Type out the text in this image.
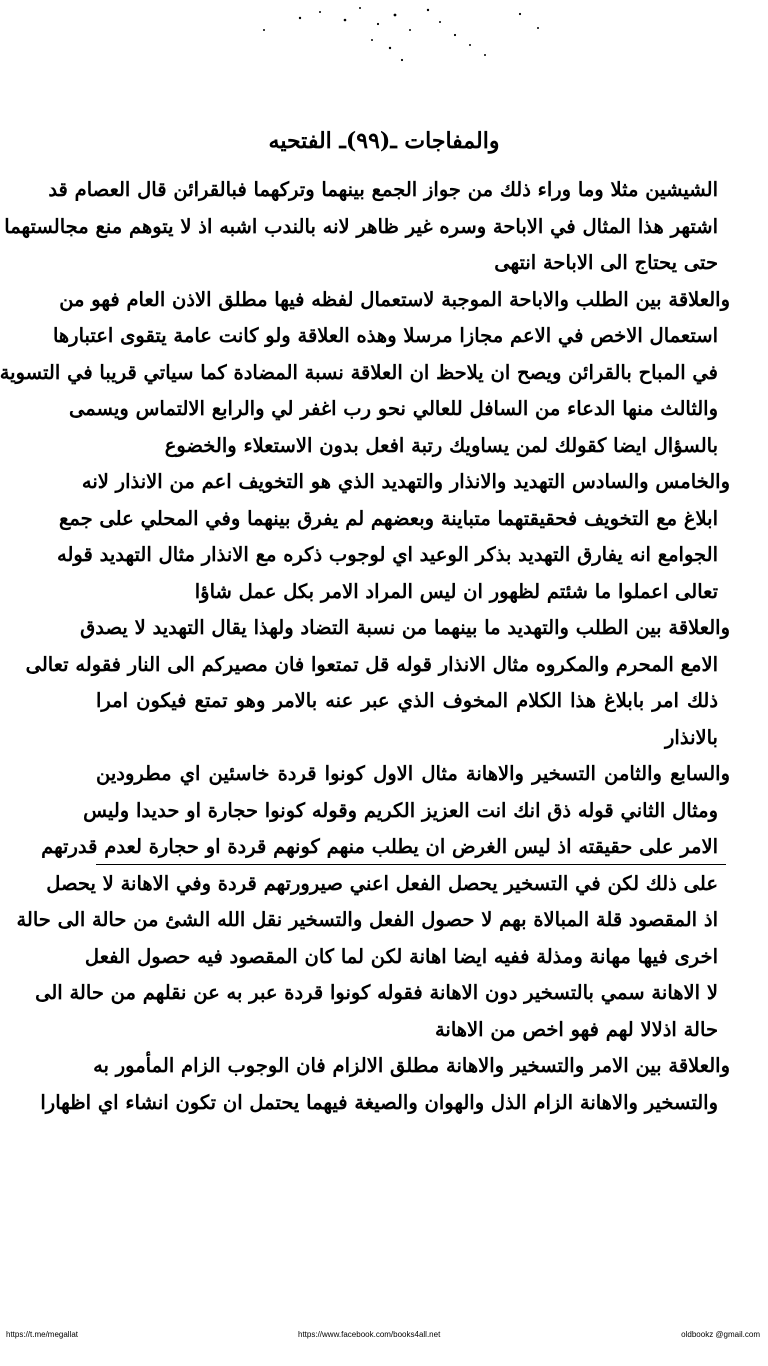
والمفاجات ـ(٩٩)ـ الفتحيه
الشيشين مثلا وما وراء ذلك من جواز الجمع بينهما وتركهما فبالقرائن قال العصام قد
اشتهر هذا المثال في الاباحة وسره غير ظاهر لانه بالندب اشبه اذ لا يتوهم منع مجالستهما
حتى يحتاج الى الاباحة انتهى
والعلاقة بين الطلب والاباحة الموجبة لاستعمال لفظه فيها مطلق الاذن العام فهو من
استعمال الاخص في الاعم مجازا مرسلا وهذه العلاقة ولو كانت عامة يتقوى اعتبارها
في المباح بالقرائن ويصح ان يلاحظ ان العلاقة نسبة المضادة كما سياتي قريبا في التسوية
والثالث منها الدعاء من السافل للعالي نحو رب اغفر لي والرابع الالتماس ويسمى
بالسؤال ايضا كقولك لمن يساويك رتبة افعل بدون الاستعلاء والخضوع
والخامس والسادس التهديد والانذار والتهديد الذي هو التخويف اعم من الانذار لانه
ابلاغ مع التخويف فحقيقتهما متباينة وبعضهم لم يفرق بينهما وفي المحلي على جمع
الجوامع انه يفارق التهديد بذكر الوعيد اي لوجوب ذكره مع الانذار مثال التهديد قوله
تعالى اعملوا ما شئتم لظهور ان ليس المراد الامر بكل عمل شاؤا
والعلاقة بين الطلب والتهديد ما بينهما من نسبة التضاد ولهذا يقال التهديد لا يصدق
الامع المحرم والمكروه مثال الانذار قوله قل تمتعوا فان مصيركم الى النار فقوله تعالى
ذلك امر بابلاغ هذا الكلام المخوف الذي عبر عنه بالامر وهو تمتع فيكون امرا
بالانذار
والسابع والثامن التسخير والاهانة مثال الاول كونوا قردة خاسئين اي مطرودين
ومثال الثاني قوله ذق انك انت العزيز الكريم وقوله كونوا حجارة او حديدا وليس
الامر على حقيقته اذ ليس الغرض ان يطلب منهم كونهم قردة او حجارة لعدم قدرتهم
على ذلك لكن في التسخير يحصل الفعل اعني صيرورتهم قردة وفي الاهانة لا يحصل
اذ المقصود قلة المبالاة بهم لا حصول الفعل والتسخير نقل الله الشئ من حالة الى حالة
اخرى فيها مهانة ومذلة ففيه ايضا اهانة لكن لما كان المقصود فيه حصول الفعل
لا الاهانة سمي بالتسخير دون الاهانة فقوله كونوا قردة عبر به عن نقلهم من حالة الى
حالة اذلالا لهم فهو اخص من الاهانة
والعلاقة بين الامر والتسخير والاهانة مطلق الالزام فان الوجوب الزام المأمور به
والتسخير والاهانة الزام الذل والهوان والصيغة فيهما يحتمل ان تكون انشاء اي اظهارا
https://t.me/megallat	https://www.facebook.com/books4all.net	oldbookz @gmail.com
